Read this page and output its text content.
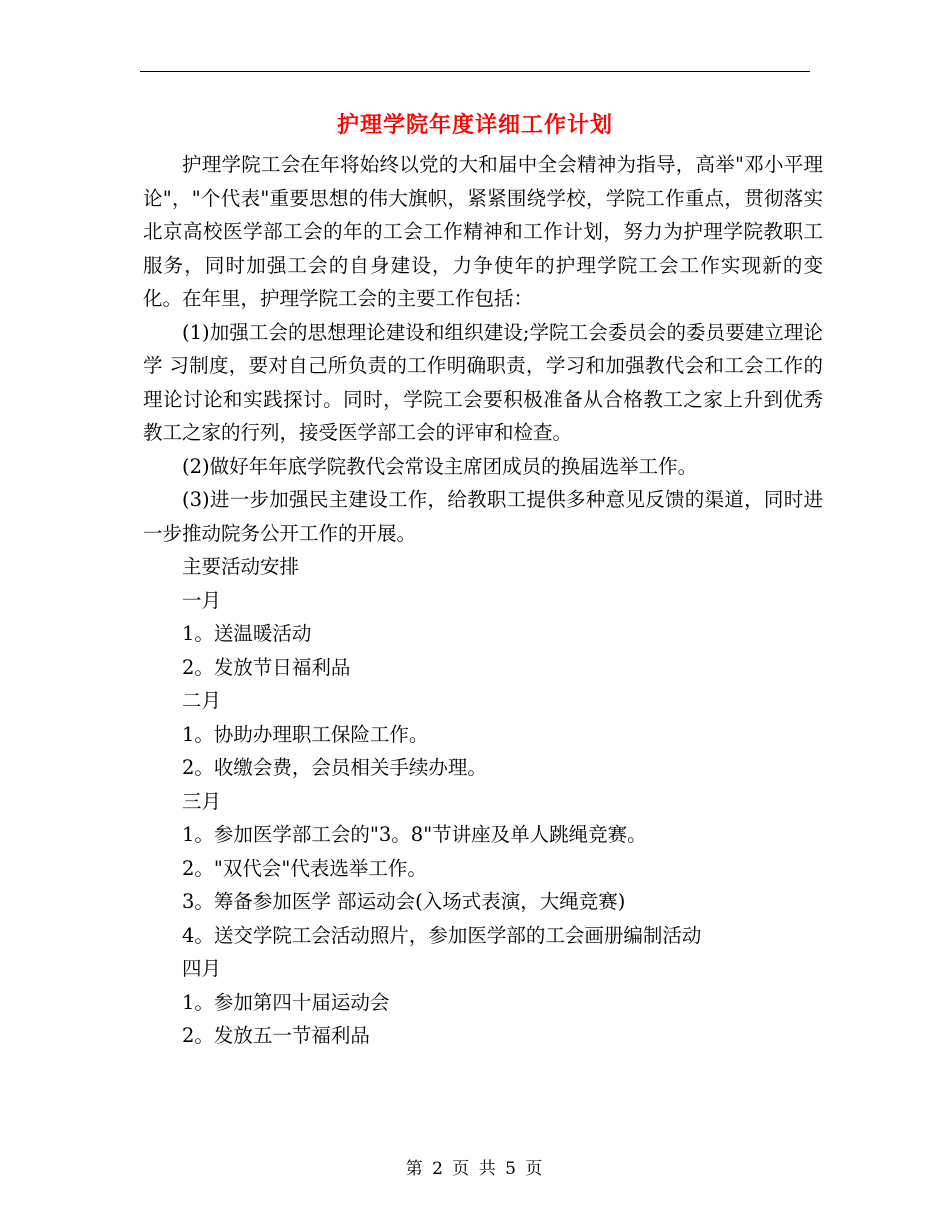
护理学院年度详细工作计划

护理学院工会在年将始终以党的大和届中全会精神为指导，高举"邓小平理论"，"个代表"重要思想的伟大旗帜，紧紧围绕学校，学院工作重点，贯彻落实北京高校医学部工会的年的工会工作精神和工作计划，努力为护理学院教职工服务，同时加强工会的自身建设，力争使年的护理学院工会工作实现新的变化。在年里，护理学院工会的主要工作包括：

(1)加强工会的思想理论建设和组织建设;学院工会委员会的委员要建立理论学 习制度，要对自己所负责的工作明确职责，学习和加强教代会和工会工作的理论讨论和实践探讨。同时，学院工会要积极准备从合格教工之家上升到优秀教工之家的行列，接受医学部工会的评审和检查。

(2)做好年年底学院教代会常设主席团成员的换届选举工作。

(3)进一步加强民主建设工作，给教职工提供多种意见反馈的渠道，同时进一步推动院务公开工作的开展。

主要活动安排

一月

1。送温暖活动

2。发放节日福利品

二月

1。协助办理职工保险工作。

2。收缴会费，会员相关手续办理。

三月

1。参加医学部工会的"3。8"节讲座及单人跳绳竞赛。

2。"双代会"代表选举工作。

3。筹备参加医学 部运动会(入场式表演，大绳竞赛)

4。送交学院工会活动照片，参加医学部的工会画册编制活动

四月

1。参加第四十届运动会

2。发放五一节福利品

第 2 页 共 5 页
